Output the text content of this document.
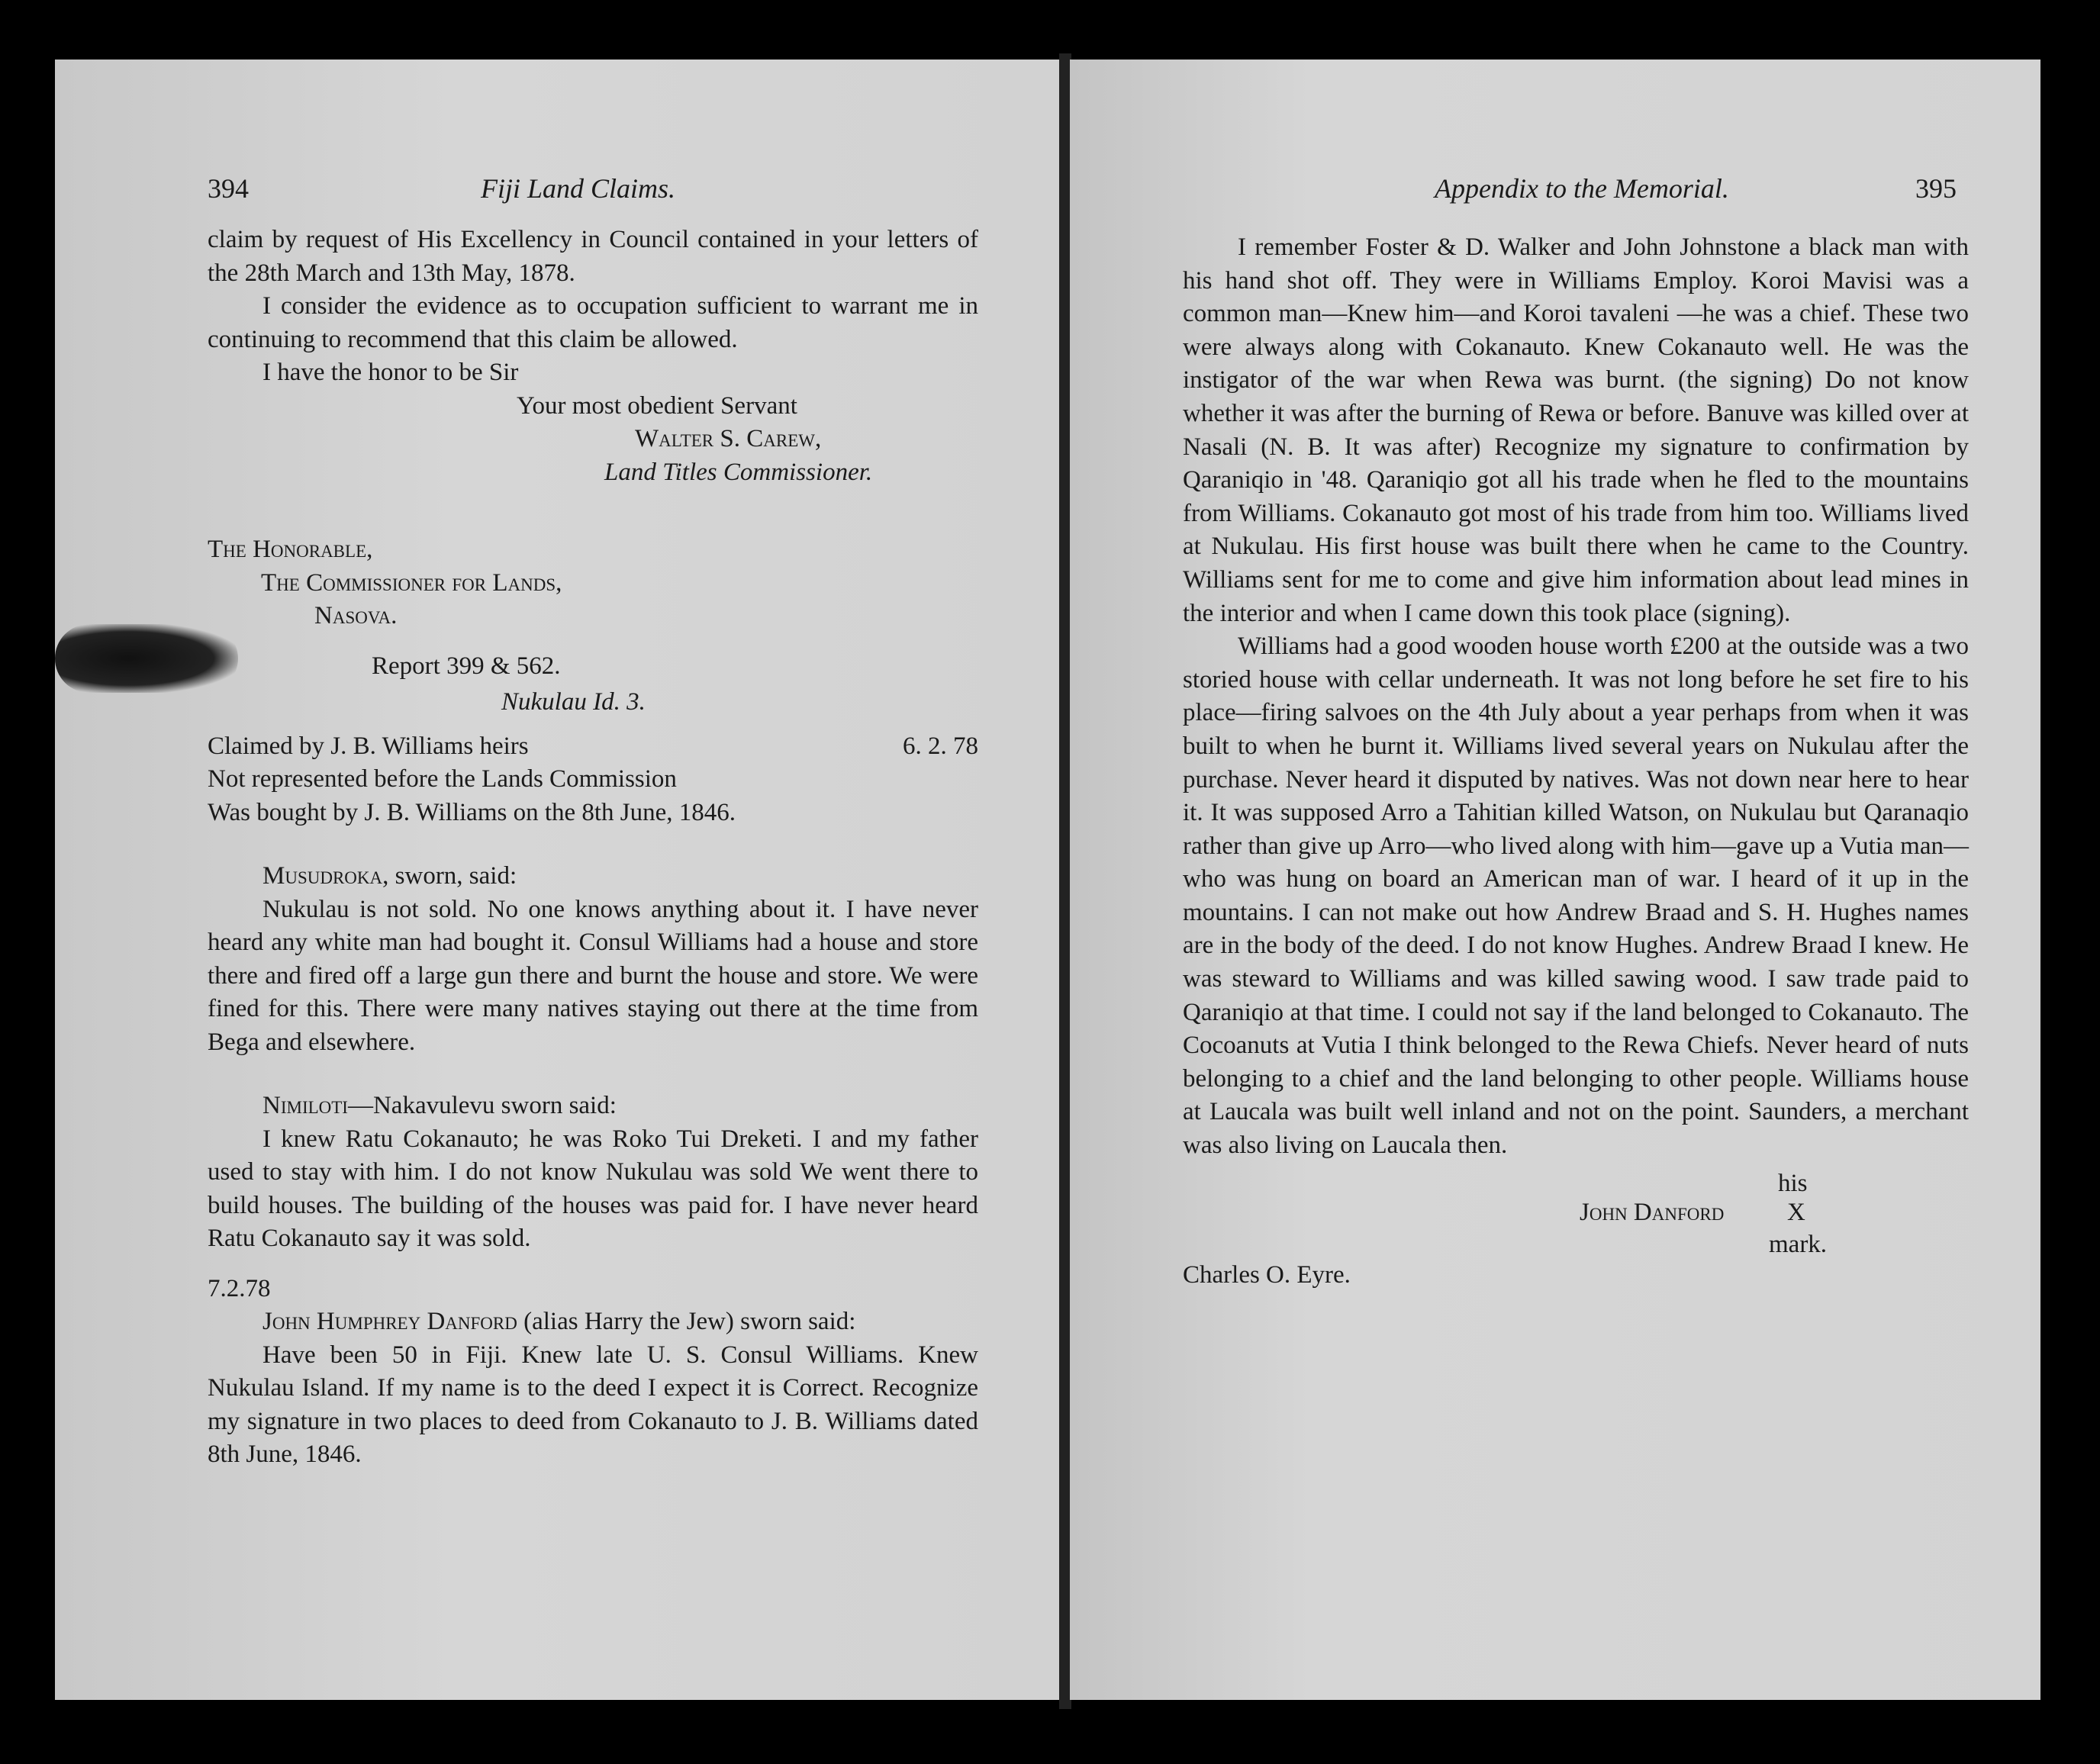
394	Fiji Land Claims.

claim by request of His Excellency in Council contained in your letters of the 28th March and 13th May, 1878.

I consider the evidence as to occupation sufficient to warrant me in continuing to recommend that this claim be allowed.

I have the honor to be Sir

Your most obedient Servant

Walter S. Carew,

Land Titles Commissioner.

The Honorable,

The Commissioner for Lands,

Nasova.

Report 399 & 562.

Nukulau Id. 3.

Claimed by J. B. Williams heirs	6. 2. 78

Not represented before the Lands Commission

Was bought by J. B. Williams on the 8th June, 1846.

Musudroka, sworn, said:

Nukulau is not sold. No one knows anything about it. I have never heard any white man had bought it. Consul Williams had a house and store there and fired off a large gun there and burnt the house and store. We were fined for this. There were many natives staying out there at the time from Bega and elsewhere.

Nimiloti—Nakavulevu sworn said:

I knew Ratu Cokanauto; he was Roko Tui Dreketi. I and my father used to stay with him. I do not know Nukulau was sold We went there to build houses. The building of the houses was paid for. I have never heard Ratu Cokanauto say it was sold.

7.2.78

John Humphrey Danford (alias Harry the Jew) sworn said:

Have been 50 in Fiji. Knew late U. S. Consul Williams. Knew Nukulau Island. If my name is to the deed I expect it is Correct. Recognize my signature in two places to deed from Cokanauto to J. B. Williams dated 8th June, 1846.

Appendix to the Memorial.	395

I remember Foster & D. Walker and John Johnstone a black man with his hand shot off. They were in Williams Employ. Koroi Mavisi was a common man—Knew him—and Koroi tavaleni —he was a chief. These two were always along with Cokanauto. Knew Cokanauto well. He was the instigator of the war when Rewa was burnt. (the signing) Do not know whether it was after the burning of Rewa or before. Banuve was killed over at Nasali (N. B. It was after) Recognize my signature to confirmation by Qaraniqio in '48. Qaraniqio got all his trade when he fled to the mountains from Williams. Cokanauto got most of his trade from him too. Williams lived at Nukulau. His first house was built there when he came to the Country. Williams sent for me to come and give him information about lead mines in the interior and when I came down this took place (signing).

Williams had a good wooden house worth £200 at the outside was a two storied house with cellar underneath. It was not long before he set fire to his place—firing salvoes on the 4th July about a year perhaps from when it was built to when he burnt it. Williams lived several years on Nukulau after the purchase. Never heard it disputed by natives. Was not down near here to hear it. It was supposed Arro a Tahitian killed Watson, on Nukulau but Qaranaqio rather than give up Arro—who lived along with him—gave up a Vutia man—who was hung on board an American man of war. I heard of it up in the mountains. I can not make out how Andrew Braad and S. H. Hughes names are in the body of the deed. I do not know Hughes. Andrew Braad I knew. He was steward to Williams and was killed sawing wood. I saw trade paid to Qaraniqio at that time. I could not say if the land belonged to Cokanauto. The Cocoanuts at Vutia I think belonged to the Rewa Chiefs. Never heard of nuts belonging to a chief and the land belonging to other people. Williams house at Laucala was built well inland and not on the point. Saunders, a merchant was also living on Laucala then.

his
John Danford	X
mark.

Charles O. Eyre.
